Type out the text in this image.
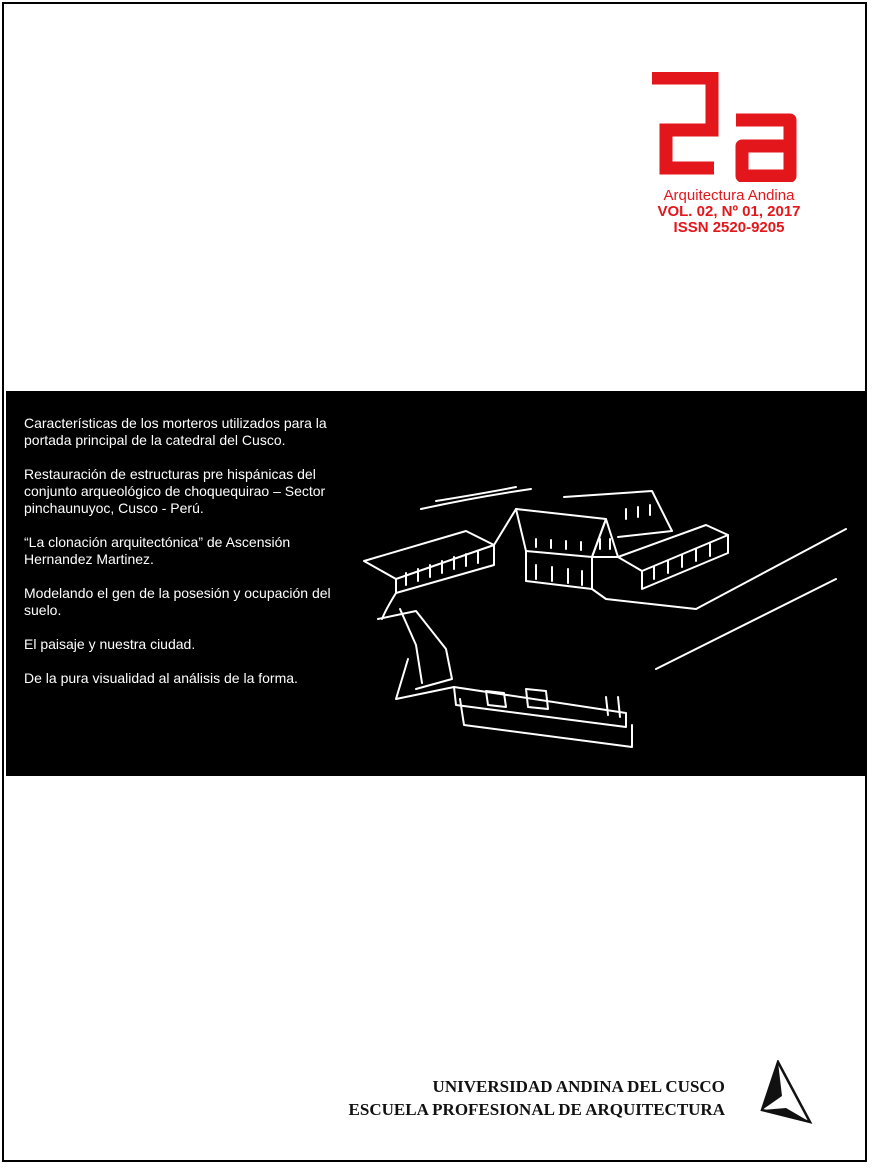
Arquitectura Andina
VOL. 02, Nº 01, 2017
ISSN 2520-9205

Características de los morteros utilizados para la portada principal de la catedral del Cusco.

Restauración de estructuras pre hispánicas del conjunto arqueológico de choquequirao – Sector pinchaunuyoc, Cusco - Perú.

“La clonación arquitectónica” de Ascensión Hernandez Martinez.

Modelando el gen de la posesión y ocupación del suelo.

El paisaje y nuestra ciudad.

De la pura visualidad al análisis de la forma.

UNIVERSIDAD ANDINA DEL CUSCO
ESCUELA PROFESIONAL DE ARQUITECTURA
